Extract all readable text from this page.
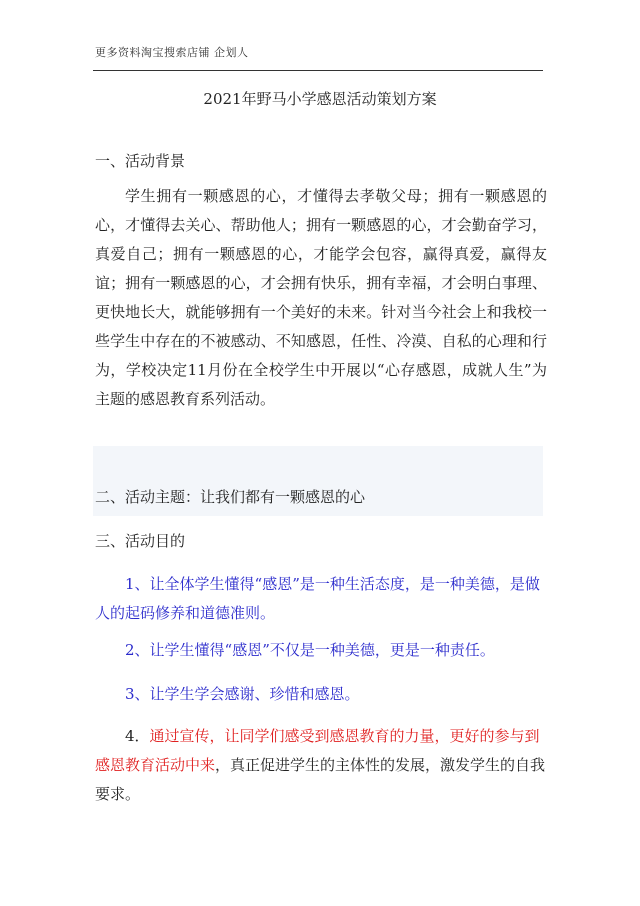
更多资料淘宝搜索店铺 企划人
2021年野马小学感恩活动策划方案
一、活动背景

学生拥有一颗感恩的心，才懂得去孝敬父母；拥有一颗感恩的心，才懂得去关心、帮助他人；拥有一颗感恩的心，才会勤奋学习，真爱自己；拥有一颗感恩的心，才能学会包容，赢得真爱，赢得友谊；拥有一颗感恩的心，才会拥有快乐，拥有幸福，才会明白事理、更快地长大，就能够拥有一个美好的未来。针对当今社会上和我校一些学生中存在的不被感动、不知感恩，任性、冷漠、自私的心理和行为，学校决定11月份在全校学生中开展以“心存感恩，成就人生”为主题的感恩教育系列活动。

二、活动主题：让我们都有一颗感恩的心
三、活动目的

1、让全体学生懂得“感恩”是一种生活态度，是一种美德，是做人的起码修养和道德准则。

2、让学生懂得“感恩”不仅是一种美德，更是一种责任。

3、让学生学会感谢、珍惜和感恩。

4．通过宣传，让同学们感受到感恩教育的力量，更好的参与到感恩教育活动中来，真正促进学生的主体性的发展，激发学生的自我要求。
